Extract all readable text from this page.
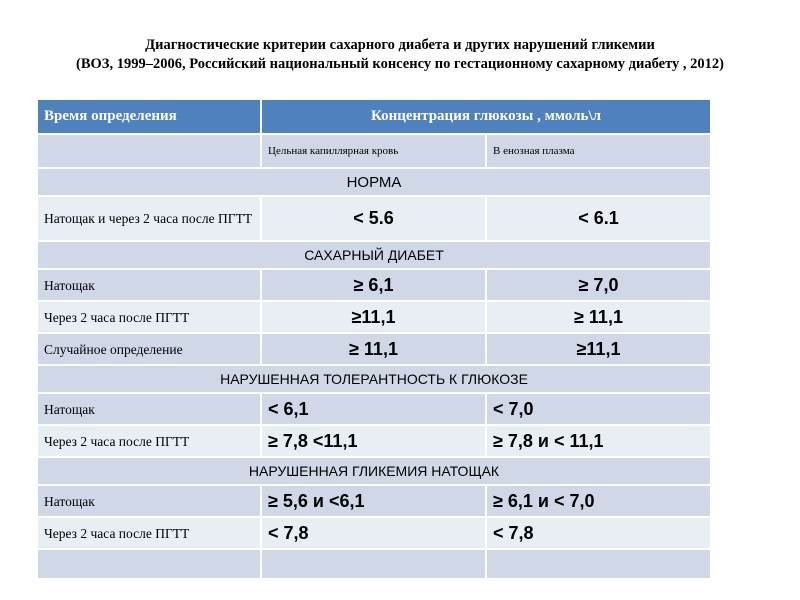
Диагностические критерии сахарного диабета и других нарушений гликемии
(ВОЗ, 1999–2006, Российский национальный консенсу по гестационному сахарному диабету , 2012)
Время определения	Концентрация глюкозы , ммоль\л	
	Цельная капиллярная кровь	В енозная плазма
НОРМА		
Натощак и через 2 часа после ПГТТ	< 5.6	< 6.1
САХАРНЫЙ ДИАБЕТ		
Натощак	≥ 6,1	≥ 7,0
Через 2 часа после ПГТТ	≥11,1	≥ 11,1
Случайное определение	≥ 11,1	≥11,1
НАРУШЕННАЯ ТОЛЕРАНТНОСТЬ К ГЛЮКОЗЕ		
Натощак	< 6,1	< 7,0
Через 2 часа после ПГТТ	≥ 7,8 <11,1	≥ 7,8 и < 11,1
НАРУШЕННАЯ ГЛИКЕМИЯ НАТОЩАК		
Натощак	≥ 5,6 и <6,1	≥ 6,1 и < 7,0
Через 2 часа после ПГТТ	< 7,8	< 7,8
